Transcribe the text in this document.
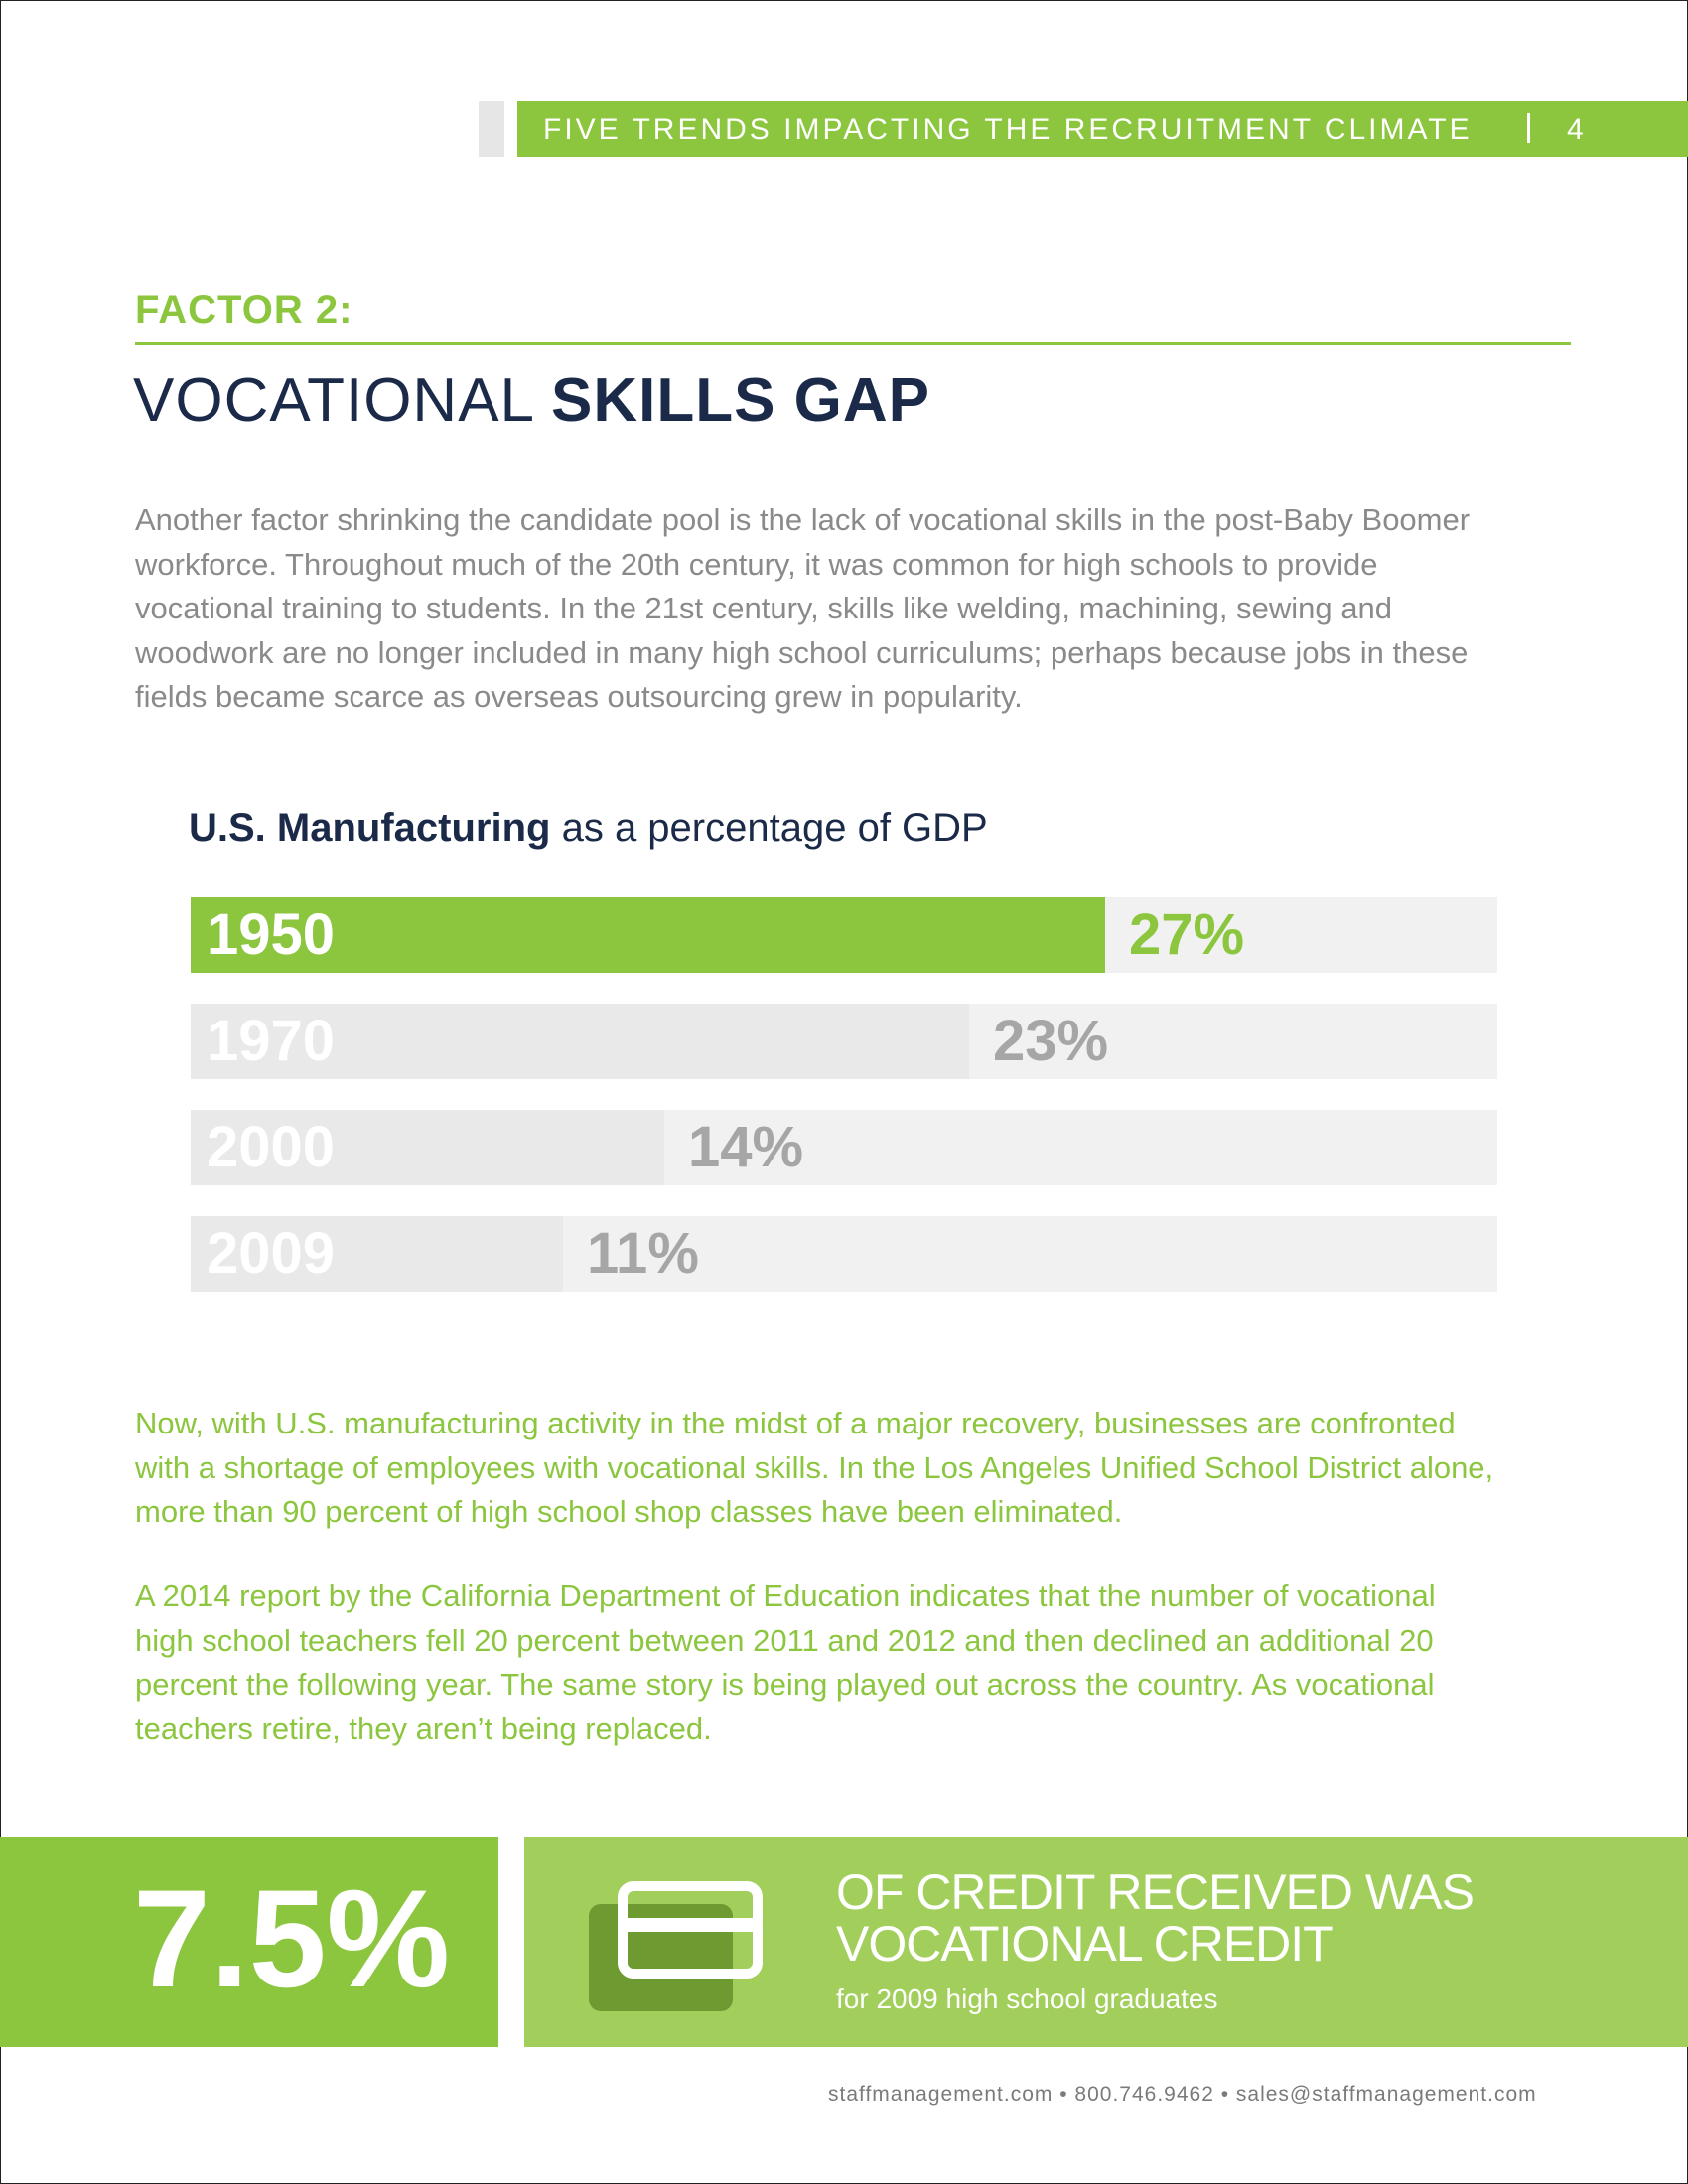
FIVE TRENDS IMPACTING THE RECRUITMENT CLIMATE	4
FACTOR 2:
VOCATIONAL SKILLS GAP
Another factor shrinking the candidate pool is the lack of vocational skills in the post-Baby Boomer
workforce. Throughout much of the 20th century, it was common for high schools to provide
vocational training to students. In the 21st century, skills like welding, machining, sewing and
woodwork are no longer included in many high school curriculums; perhaps because jobs in these
fields became scarce as overseas outsourcing grew in popularity.
U.S. Manufacturing as a percentage of GDP
1950	27%
1970	23%
2000	14%
2009	11%
Now, with U.S. manufacturing activity in the midst of a major recovery, businesses are confronted
with a shortage of employees with vocational skills. In the Los Angeles Unified School District alone,
more than 90 percent of high school shop classes have been eliminated.
A 2014 report by the California Department of Education indicates that the number of vocational
high school teachers fell 20 percent between 2011 and 2012 and then declined an additional 20
percent the following year. The same story is being played out across the country. As vocational
teachers retire, they aren’t being replaced.
7.5%	OF CREDIT RECEIVED WAS
VOCATIONAL CREDIT
for 2009 high school graduates
staffmanagement.com • 800.746.9462 • sales@staffmanagement.com
